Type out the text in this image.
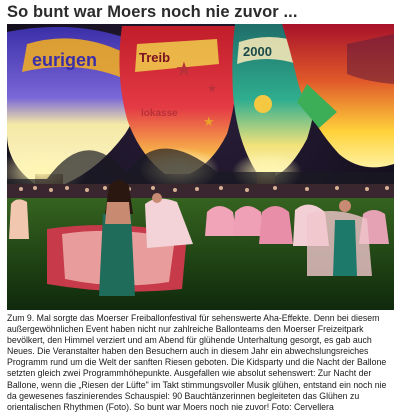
So bunt war Moers noch nie zuvor ...
eurigen	Treib
lokasse
★
★
★
2000
Zum 9. Mal sorgte das Moerser Freiballonfestival für sehenswerte Aha-Effekte. Denn bei diesem
außergewöhnlichen Event haben nicht nur zahlreiche Ballonteams den Moerser Freizeitpark
bevölkert, den Himmel verziert und am Abend für glühende Unterhaltung gesorgt, es gab auch
Neues. Die Veranstalter haben den Besuchern auch in diesem Jahr ein abwechslungsreiches
Programm rund um die Welt der sanften Riesen geboten. Die Kidsparty und die Nacht der Ballone
setzten gleich zwei Programmhöhepunkte. Ausgefallen wie absolut sehenswert: Zur Nacht der
Ballone, wenn die „Riesen der Lüfte" im Takt stimmungsvoller Musik glühen, entstand ein noch nie
da gewesenes faszinierendes Schauspiel: 90 Bauchtänzerinnen begleiteten das Glühen zu
orientalischen Rhythmen (Foto). So bunt war Moers noch nie zuvor! Foto: Cervellera
